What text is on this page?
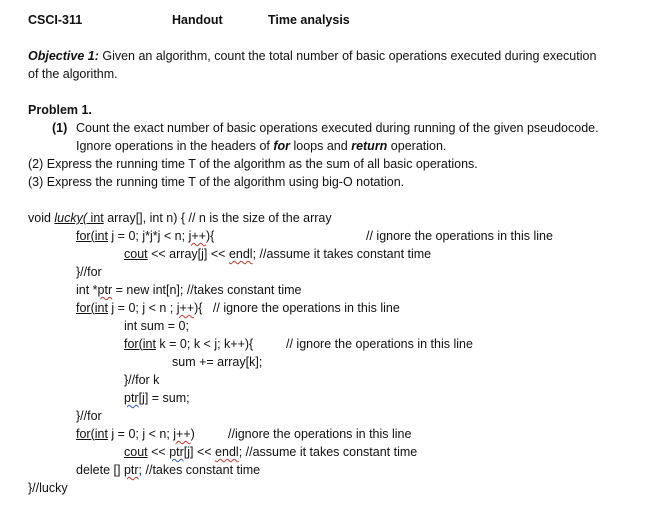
CSCI-311	Handout	Time analysis
Objective 1: Given an algorithm, count the total number of basic operations executed during execution
of the algorithm.
Problem 1.
(1) Count the exact number of basic operations executed during running of the given pseudocode.
Ignore operations in the headers of for loops and return operation.
(2) Express the running time T of the algorithm as the sum of all basic operations.
(3) Express the running time T of the algorithm using big-O notation.
void lucky( int array[], int n) { // n is the size of the array
for(int j = 0; j*j*j < n; j++){	// ignore the operations in this line
cout << array[j] << endl; //assume it takes constant time
}//for
int *ptr = new int[n]; //takes constant time
for(int j = 0; j < n ; j++){   // ignore the operations in this line
int sum = 0;
for(int k = 0; k < j; k++){	// ignore the operations in this line
sum += array[k];
}//for k
ptr[j] = sum;
}//for
for(int j = 0; j < n; j++)	//ignore the operations in this line
cout << ptr[j] << endl; //assume it takes constant time
delete [] ptr; //takes constant time
}//lucky
